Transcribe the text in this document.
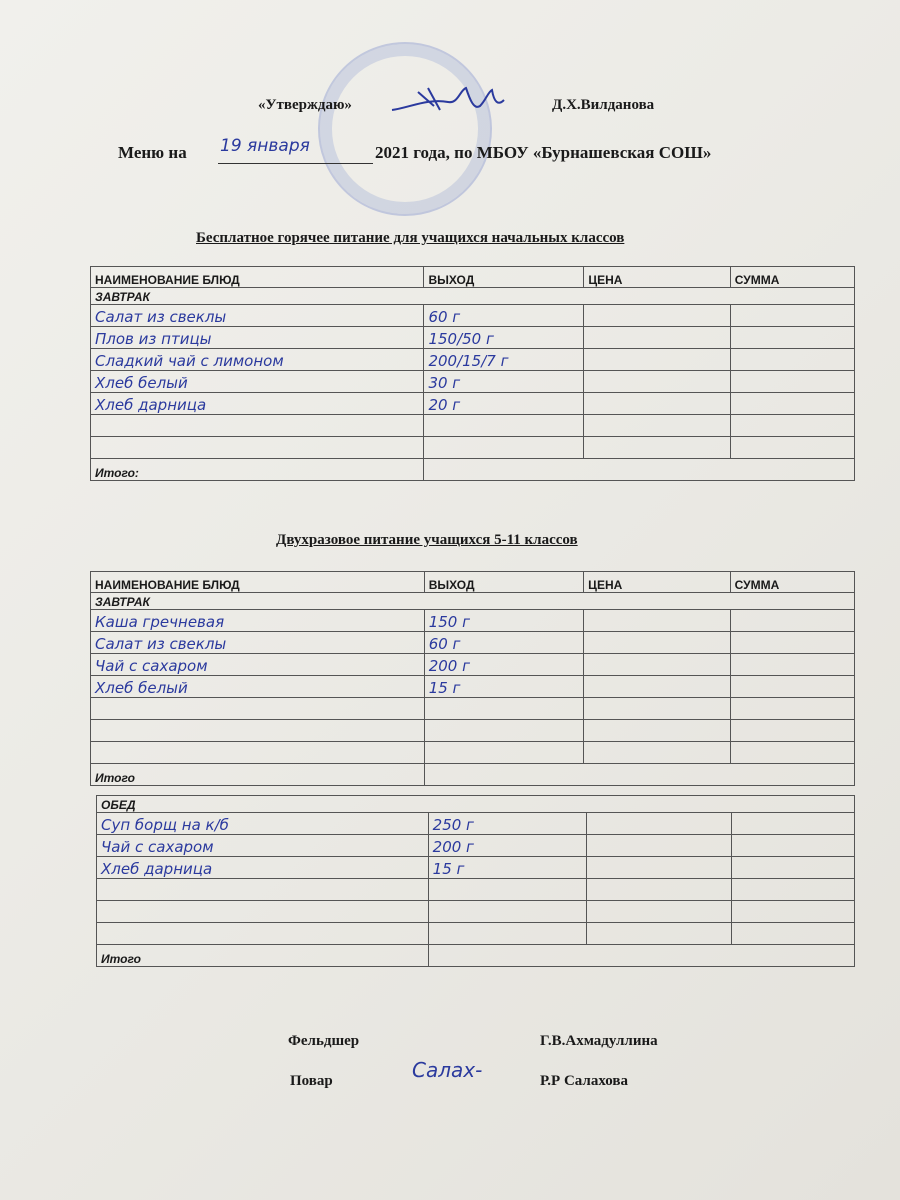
«Утверждаю»	Д.Х.Вилданова
Меню на 19 января	2021 года, по МБОУ «Бурнашевская СОШ»
Бесплатное горячее питание для учащихся начальных классов
НАИМЕНОВАНИЕ БЛЮД	ВЫХОД	ЦЕНА	СУММА
ЗАВТРАК			
Салат из свеклы	60 г		
Плов из птицы	150/50 г		
Сладкий чай с лимоном	200/15/7 г		
Хлеб белый	30 г		
Хлеб дарница	20 г		

Итого:			
Двухразовое питание учащихся 5-11 классов
НАИМЕНОВАНИЕ БЛЮД	ВЫХОД	ЦЕНА	СУММА
ЗАВТРАК			
Каша гречневая	150 г		
Салат из свеклы	60 г		
Чай с сахаром	200 г		
Хлеб белый	15 г		

Итого			
ОБЕД			
Суп борщ на к/б	250 г		
Чай с сахаром	200 г		
Хлеб дарница	15 г		

Итого			
Фельдшер	Г.В.Ахмадуллина
Повар	Салах-	Р.Р Салахова
